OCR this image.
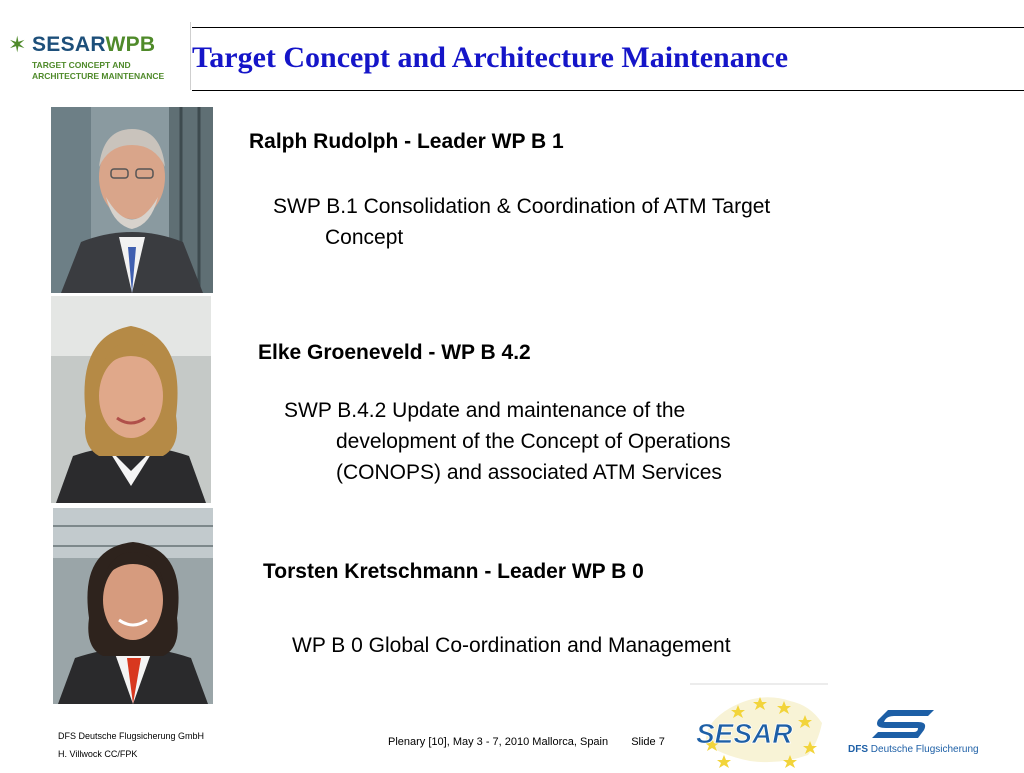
✶ SESARWPB
TARGET CONCEPT AND
ARCHITECTURE MAINTENANCE
Target Concept and Architecture Maintenance
Ralph Rudolph - Leader WP B 1
SWP B.1 Consolidation & Coordination of ATM Target
Concept
Elke Groeneveld - WP B 4.2
SWP B.4.2 Update and maintenance of the
development of the Concept of Operations
(CONOPS) and associated ATM Services
Torsten Kretschmann - Leader WP B 0
WP B 0 Global Co-ordination and Management
DFS Deutsche Flugsicherung GmbH
H. Villwock CC/FPK
Plenary [10], May 3 - 7, 2010 Mallorca, Spain Slide 7 SESAR
DFS Deutsche Flugsicherung
